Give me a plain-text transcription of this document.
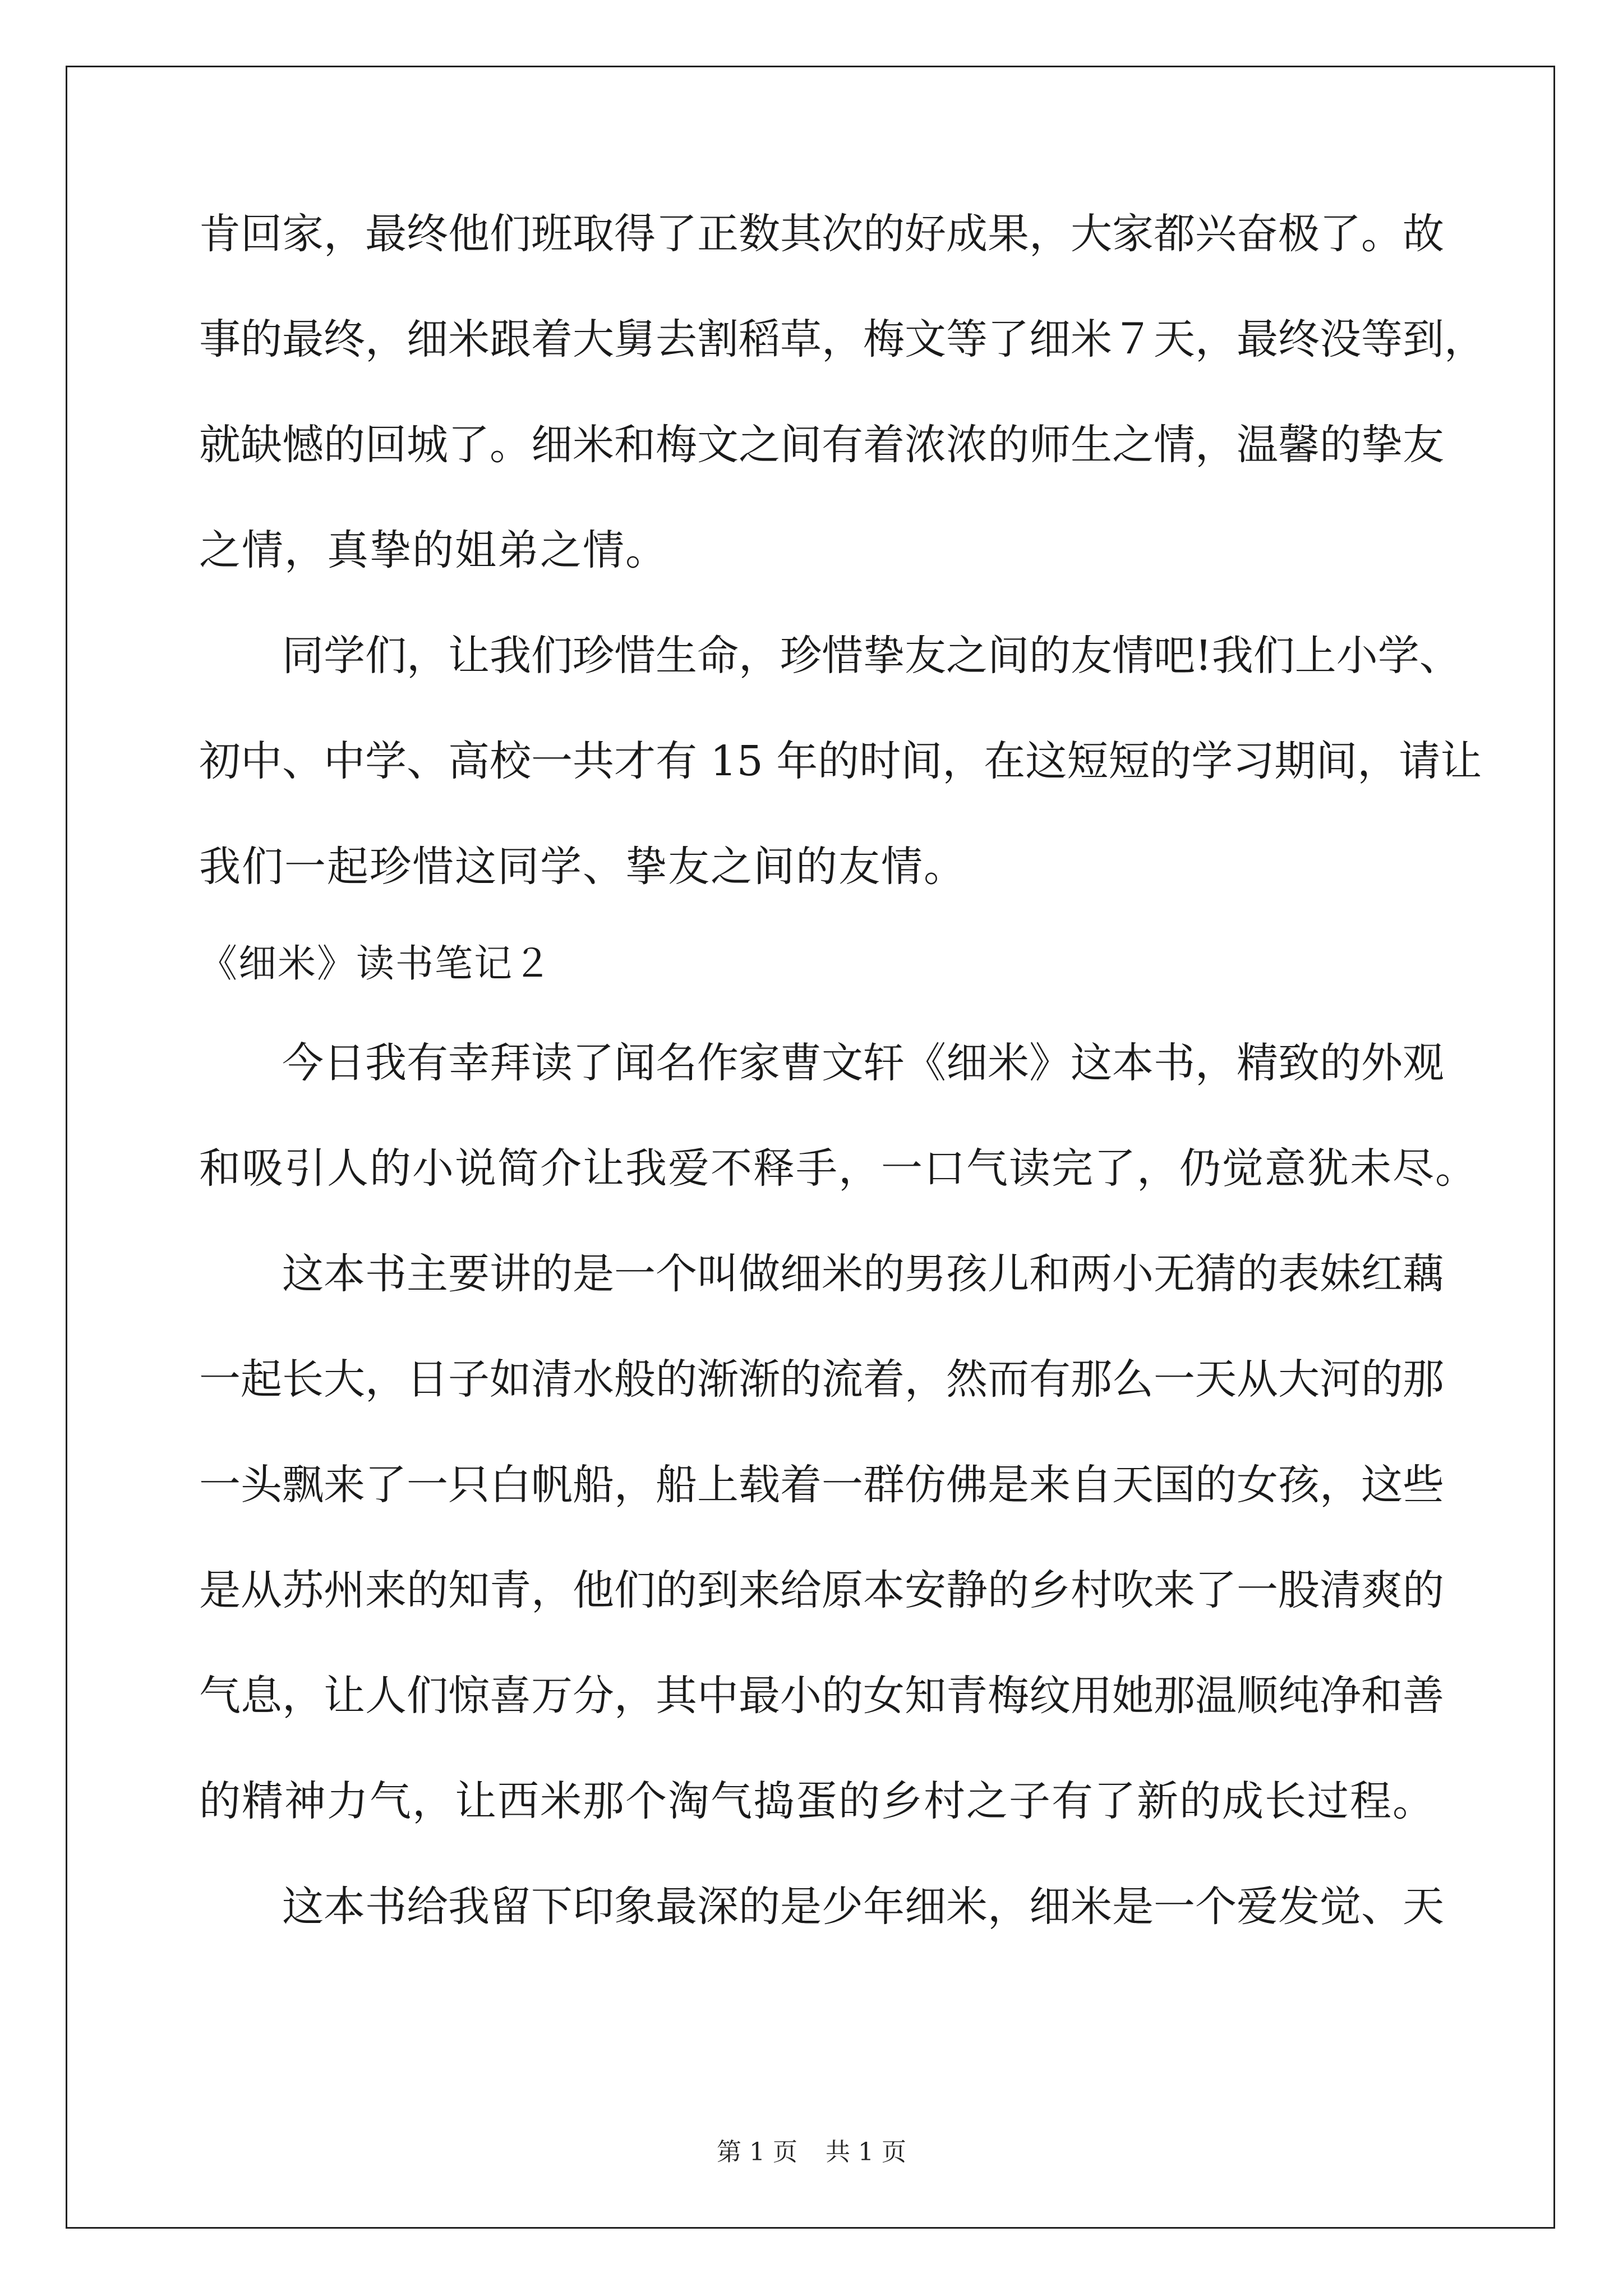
肯回家，最终他们班取得了正数其次的好成果，大家都兴奋极了。故
事的最终，细米跟着大舅去割稻草，梅文等了细米７天，最终没等到，
就缺憾的回城了。细米和梅文之间有着浓浓的师生之情，温馨的挚友
之情，真挚的姐弟之情。
同学们，让我们珍惜生命，珍惜挚友之间的友情吧!我们上小学、
初中、中学、高校一共才有 15 年的时间，在这短短的学习期间，请让
我们一起珍惜这同学、挚友之间的友情。
《细米》读书笔记２
今日我有幸拜读了闻名作家曹文轩《细米》这本书，精致的外观
和吸引人的小说简介让我爱不释手，一口气读完了，仍觉意犹未尽。
这本书主要讲的是一个叫做细米的男孩儿和两小无猜的表妹红藕
一起长大，日子如清水般的渐渐的流着，然而有那么一天从大河的那
一头飘来了一只白帆船，船上载着一群仿佛是来自天国的女孩，这些
是从苏州来的知青，他们的到来给原本安静的乡村吹来了一股清爽的
气息，让人们惊喜万分，其中最小的女知青梅纹用她那温顺纯净和善
的精神力气，让西米那个淘气捣蛋的乡村之子有了新的成长过程。
这本书给我留下印象最深的是少年细米，细米是一个爱发觉、天
第 1 页 共 1 页
